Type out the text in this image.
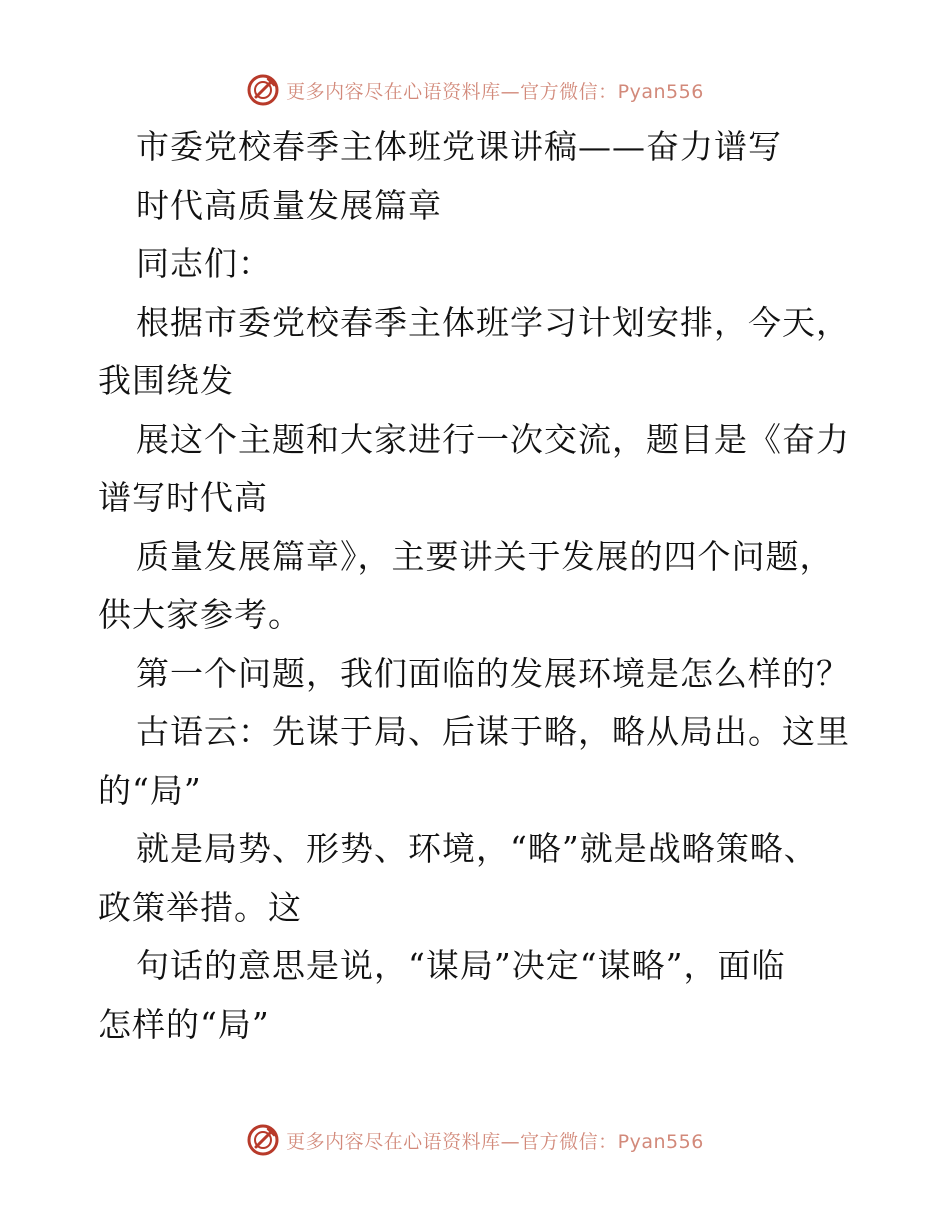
更多内容尽在心语资料库—官方微信：Pyan556
市委党校春季主体班党课讲稿——奋力谱写
时代高质量发展篇章
同志们：
根据市委党校春季主体班学习计划安排，今天，
我围绕发
展这个主题和大家进行一次交流，题目是《奋力
谱写时代高
质量发展篇章》，主要讲关于发展的四个问题，
供大家参考。
第一个问题，我们面临的发展环境是怎么样的？
古语云：先谋于局、后谋于略，略从局出。这里
的“局”
就是局势、形势、环境，“略”就是战略策略、
政策举措。这
句话的意思是说，“谋局”决定“谋略”，面临
怎样的“局”
更多内容尽在心语资料库—官方微信：Pyan556
